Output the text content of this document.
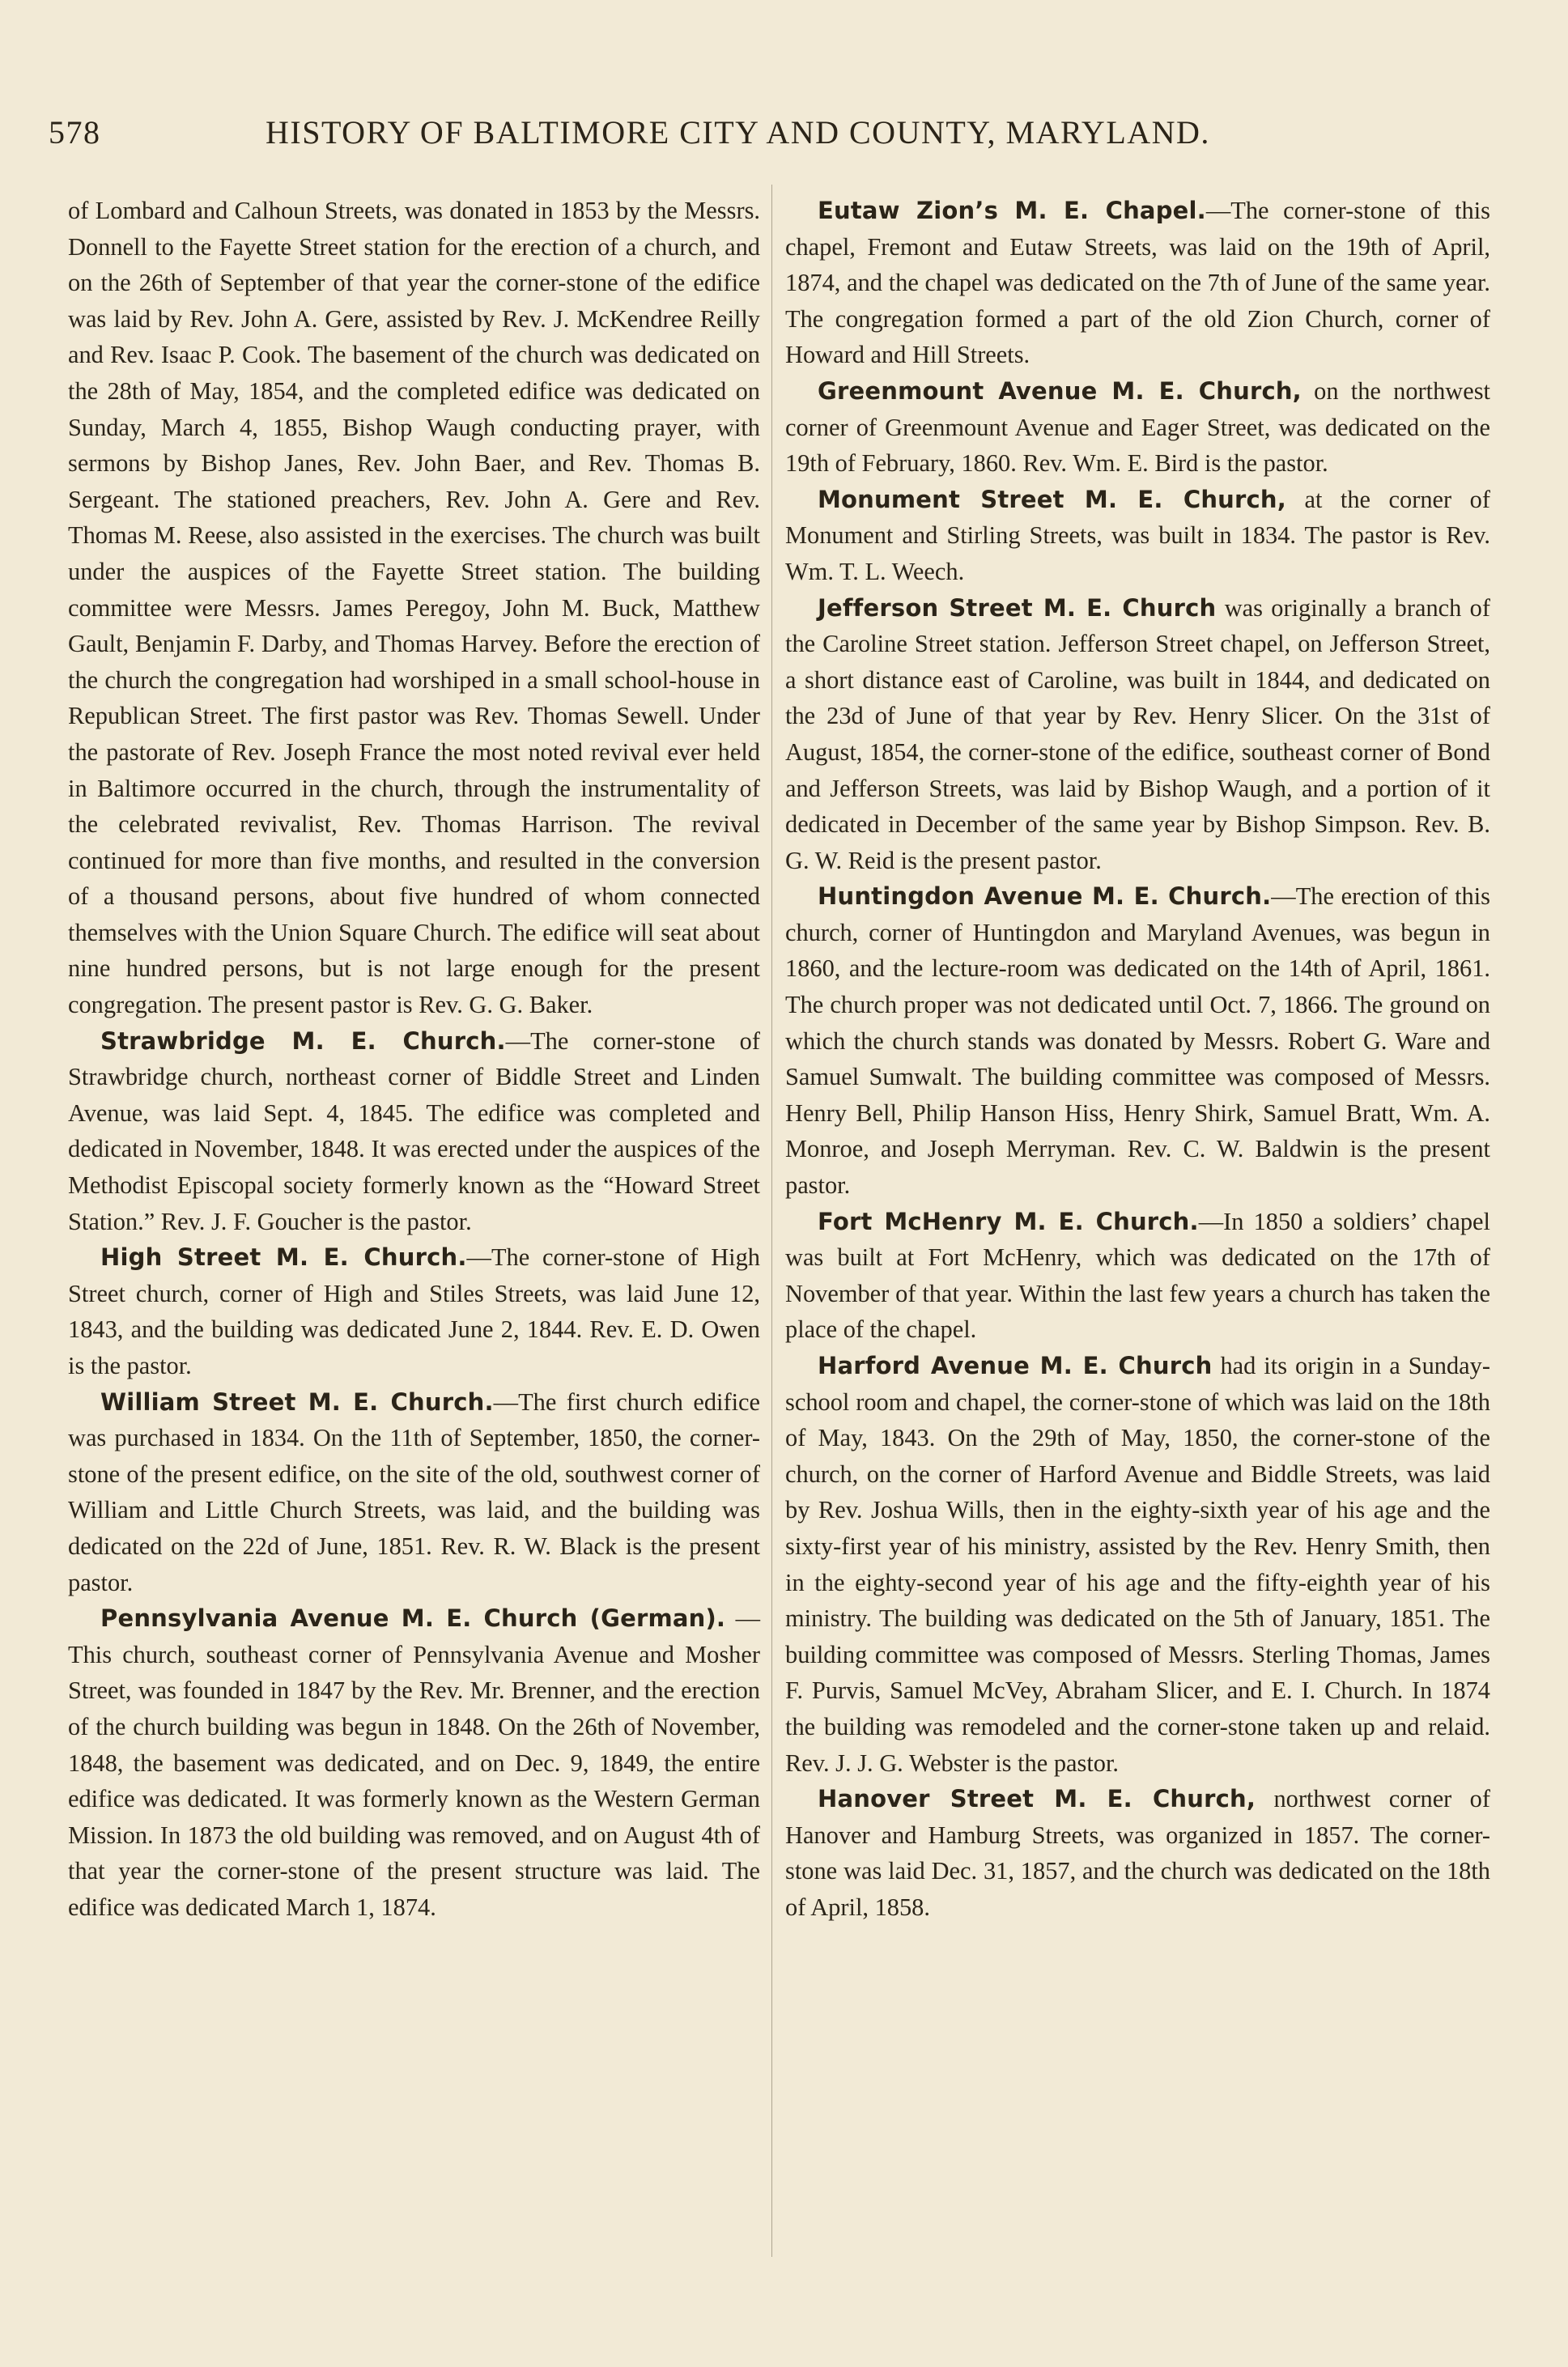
578	HISTORY OF BALTIMORE CITY AND COUNTY, MARYLAND.

of Lombard and Calhoun Streets, was donated in 1853 by the Messrs. Donnell to the Fayette Street station for the erection of a church, and on the 26th of September of that year the corner-stone of the edifice was laid by Rev. John A. Gere, assisted by Rev. J. McKendree Reilly and Rev. Isaac P. Cook. The basement of the church was dedicated on the 28th of May, 1854, and the completed edifice was dedicated on Sunday, March 4, 1855, Bishop Waugh conducting prayer, with sermons by Bishop Janes, Rev. John Baer, and Rev. Thomas B. Sergeant. The stationed preachers, Rev. John A. Gere and Rev. Thomas M. Reese, also assisted in the exercises. The church was built under the auspices of the Fayette Street station. The building committee were Messrs. James Peregoy, John M. Buck, Matthew Gault, Benjamin F. Darby, and Thomas Harvey. Before the erection of the church the congregation had worshiped in a small school-house in Republican Street. The first pastor was Rev. Thomas Sewell. Under the pastorate of Rev. Joseph France the most noted revival ever held in Baltimore occurred in the church, through the instrumentality of the celebrated revivalist, Rev. Thomas Harrison. The revival continued for more than five months, and resulted in the conversion of a thousand persons, about five hundred of whom connected themselves with the Union Square Church. The edifice will seat about nine hundred persons, but is not large enough for the present congregation. The present pastor is Rev. G. G. Baker.

Strawbridge M. E. Church.—The corner-stone of Strawbridge church, northeast corner of Biddle Street and Linden Avenue, was laid Sept. 4, 1845. The edifice was completed and dedicated in November, 1848. It was erected under the auspices of the Methodist Episcopal society formerly known as the “Howard Street Station.” Rev. J. F. Goucher is the pastor.

High Street M. E. Church.—The corner-stone of High Street church, corner of High and Stiles Streets, was laid June 12, 1843, and the building was dedicated June 2, 1844. Rev. E. D. Owen is the pastor.

William Street M. E. Church.—The first church edifice was purchased in 1834. On the 11th of September, 1850, the corner-stone of the present edifice, on the site of the old, southwest corner of William and Little Church Streets, was laid, and the building was dedicated on the 22d of June, 1851. Rev. R. W. Black is the present pastor.

Pennsylvania Avenue M. E. Church (German). —This church, southeast corner of Pennsylvania Avenue and Mosher Street, was founded in 1847 by the Rev. Mr. Brenner, and the erection of the church building was begun in 1848. On the 26th of November, 1848, the basement was dedicated, and on Dec. 9, 1849, the entire edifice was dedicated. It was formerly known as the Western German Mission. In 1873 the old building was removed, and on August 4th of that year the corner-stone of the present structure was laid. The edifice was dedicated March 1, 1874.

Eutaw Zion’s M. E. Chapel.—The corner-stone of this chapel, Fremont and Eutaw Streets, was laid on the 19th of April, 1874, and the chapel was dedicated on the 7th of June of the same year. The congregation formed a part of the old Zion Church, corner of Howard and Hill Streets.

Greenmount Avenue M. E. Church, on the northwest corner of Greenmount Avenue and Eager Street, was dedicated on the 19th of February, 1860. Rev. Wm. E. Bird is the pastor.

Monument Street M. E. Church, at the corner of Monument and Stirling Streets, was built in 1834. The pastor is Rev. Wm. T. L. Weech.

Jefferson Street M. E. Church was originally a branch of the Caroline Street station. Jefferson Street chapel, on Jefferson Street, a short distance east of Caroline, was built in 1844, and dedicated on the 23d of June of that year by Rev. Henry Slicer. On the 31st of August, 1854, the corner-stone of the edifice, southeast corner of Bond and Jefferson Streets, was laid by Bishop Waugh, and a portion of it dedicated in December of the same year by Bishop Simpson. Rev. B. G. W. Reid is the present pastor.

Huntingdon Avenue M. E. Church.—The erection of this church, corner of Huntingdon and Maryland Avenues, was begun in 1860, and the lecture-room was dedicated on the 14th of April, 1861. The church proper was not dedicated until Oct. 7, 1866. The ground on which the church stands was donated by Messrs. Robert G. Ware and Samuel Sumwalt. The building committee was composed of Messrs. Henry Bell, Philip Hanson Hiss, Henry Shirk, Samuel Bratt, Wm. A. Monroe, and Joseph Merryman. Rev. C. W. Baldwin is the present pastor.

Fort McHenry M. E. Church.—In 1850 a soldiers’ chapel was built at Fort McHenry, which was dedicated on the 17th of November of that year. Within the last few years a church has taken the place of the chapel.

Harford Avenue M. E. Church had its origin in a Sunday-school room and chapel, the corner-stone of which was laid on the 18th of May, 1843. On the 29th of May, 1850, the corner-stone of the church, on the corner of Harford Avenue and Biddle Streets, was laid by Rev. Joshua Wills, then in the eighty-sixth year of his age and the sixty-first year of his ministry, assisted by the Rev. Henry Smith, then in the eighty-second year of his age and the fifty-eighth year of his ministry. The building was dedicated on the 5th of January, 1851. The building committee was composed of Messrs. Sterling Thomas, James F. Purvis, Samuel McVey, Abraham Slicer, and E. I. Church. In 1874 the building was remodeled and the corner-stone taken up and relaid. Rev. J. J. G. Webster is the pastor.

Hanover Street M. E. Church, northwest corner of Hanover and Hamburg Streets, was organized in 1857. The corner-stone was laid Dec. 31, 1857, and the church was dedicated on the 18th of April, 1858.
